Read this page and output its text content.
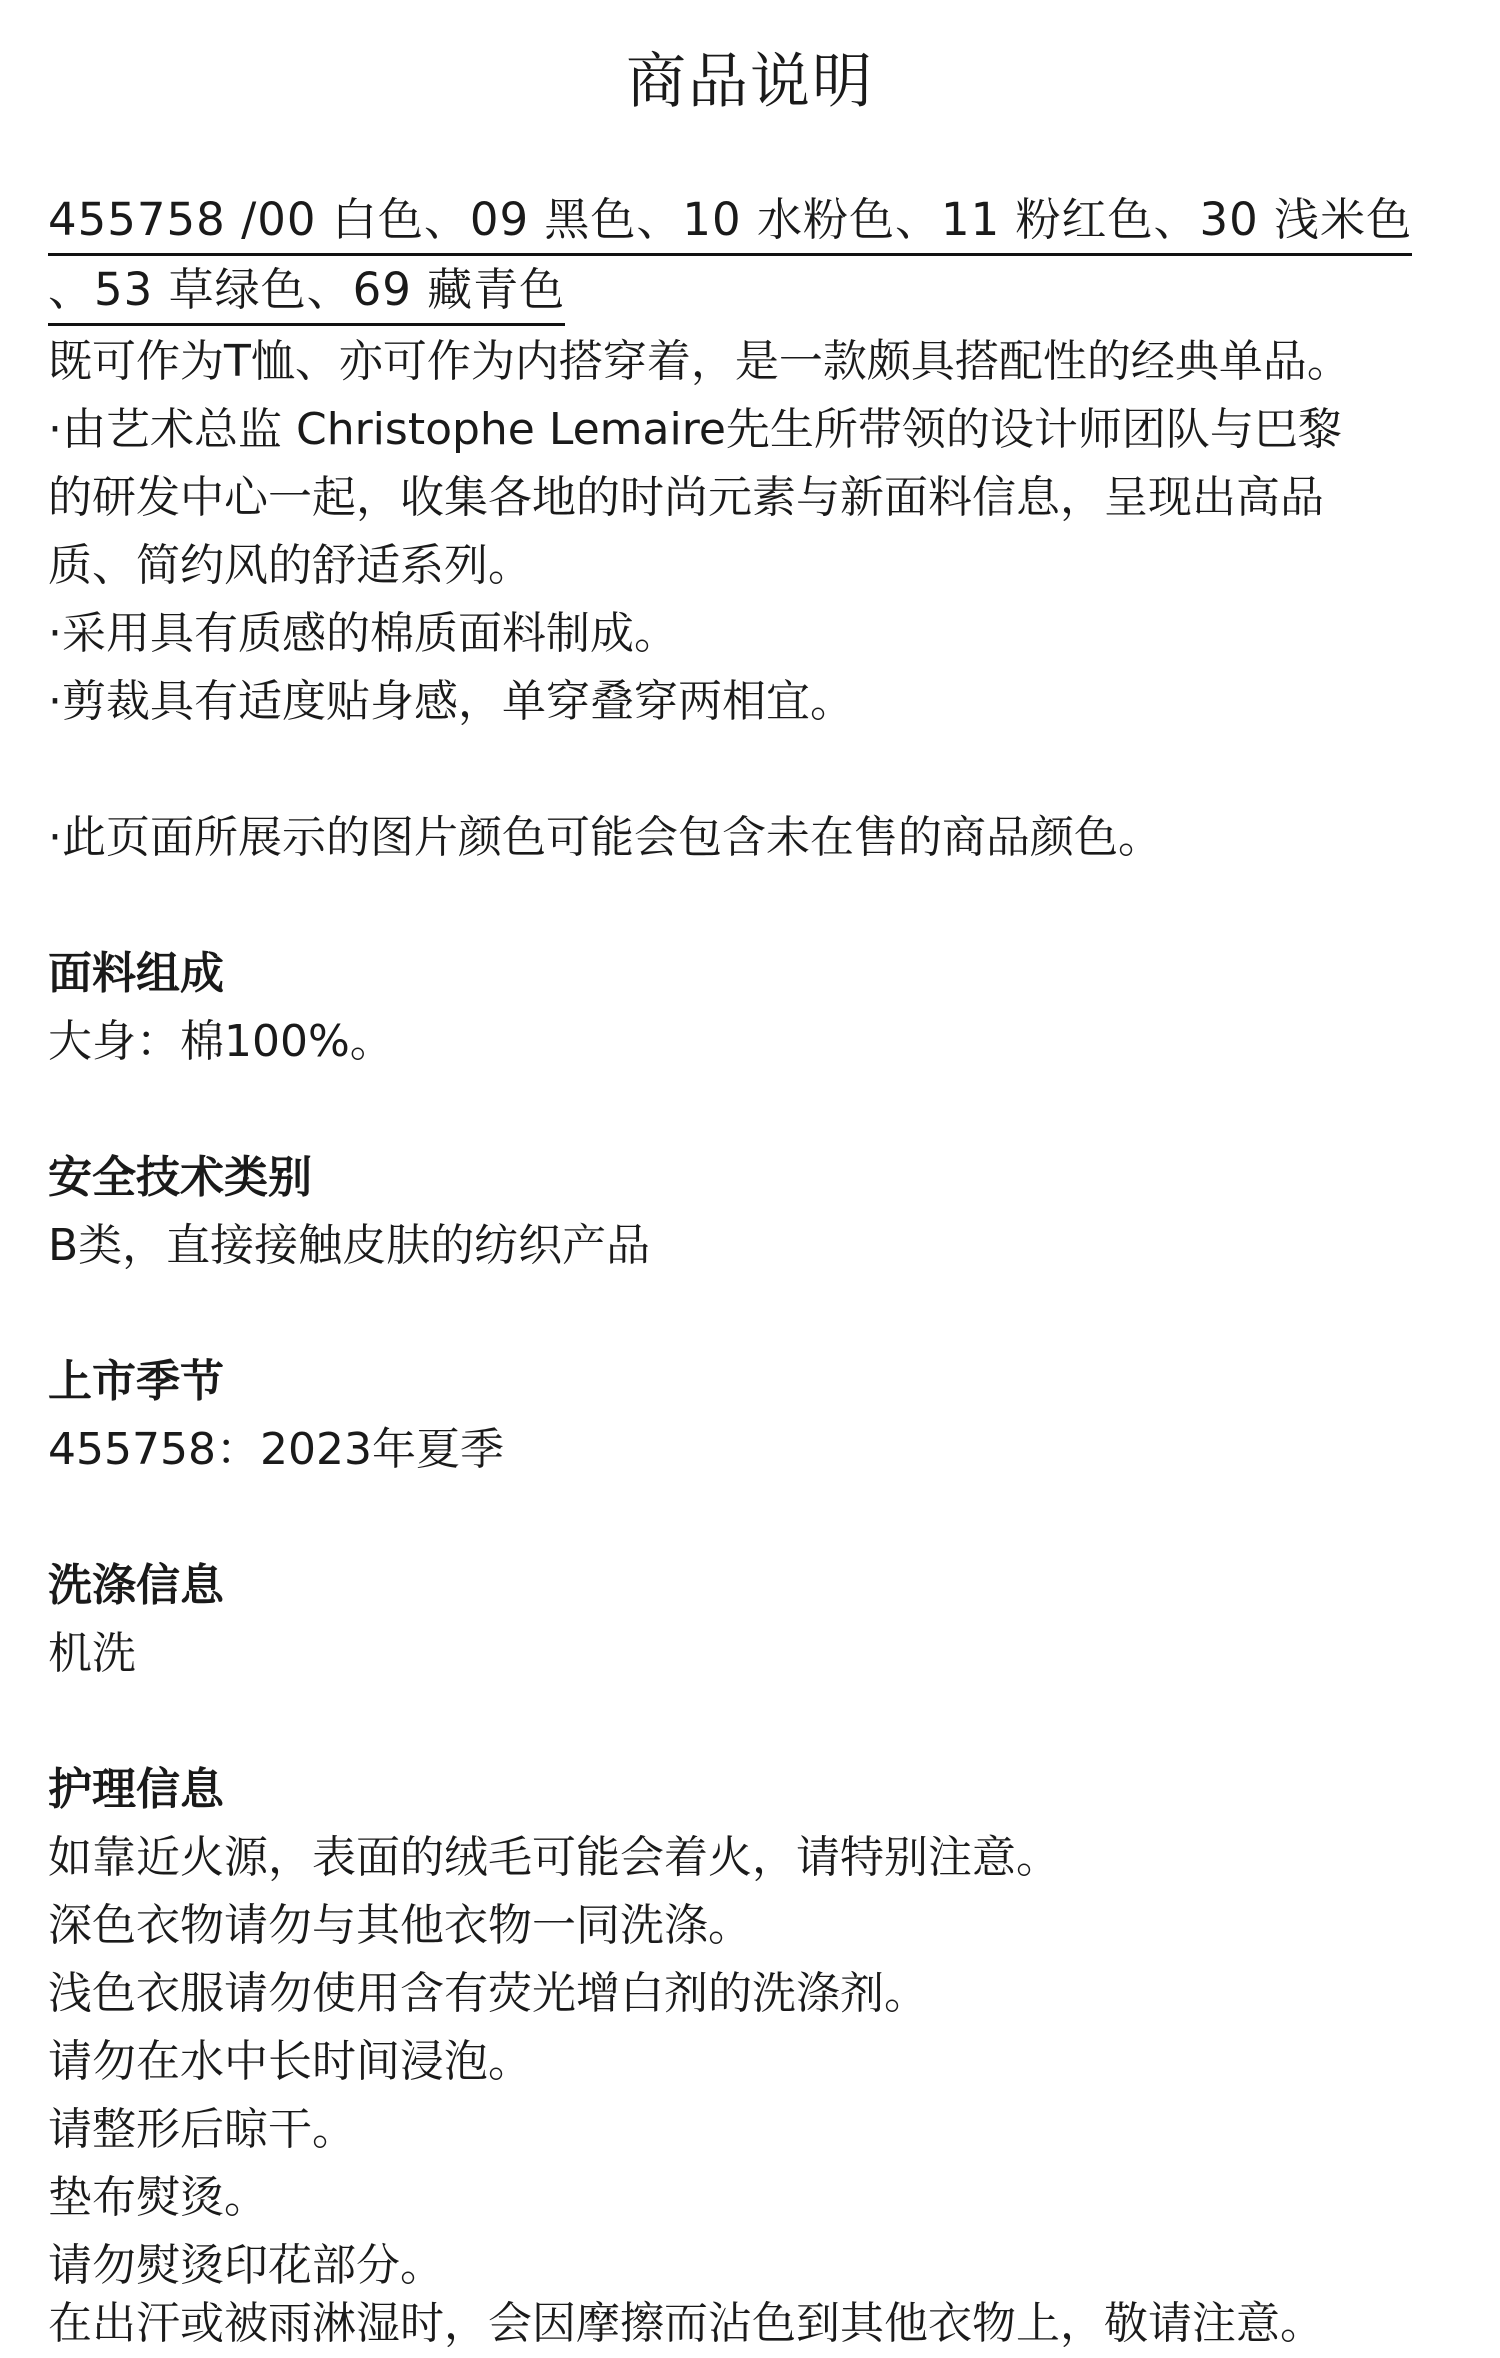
商品说明
455758 /00 白色、09 黑色、10 水粉色、11 粉红色、30 浅米色
、53 草绿色、69 藏青色
既可作为T恤、亦可作为内搭穿着，是一款颇具搭配性的经典单品。
·由艺术总监 Christophe Lemaire先生所带领的设计师团队与巴黎
的研发中心一起，收集各地的时尚元素与新面料信息，呈现出高品
质、简约风的舒适系列。
·采用具有质感的棉质面料制成。
·剪裁具有适度贴身感，单穿叠穿两相宜。
·此页面所展示的图片颜色可能会包含未在售的商品颜色。
面料组成
大身：棉100%。
安全技术类别
B类，直接接触皮肤的纺织产品
上市季节
455758：2023年夏季
洗涤信息
机洗
护理信息
如靠近火源，表面的绒毛可能会着火，请特别注意。
深色衣物请勿与其他衣物一同洗涤。
浅色衣服请勿使用含有荧光增白剂的洗涤剂。
请勿在水中长时间浸泡。
请整形后晾干。
垫布熨烫。
请勿熨烫印花部分。
在出汗或被雨淋湿时，会因摩擦而沾色到其他衣物上，敬请注意。
